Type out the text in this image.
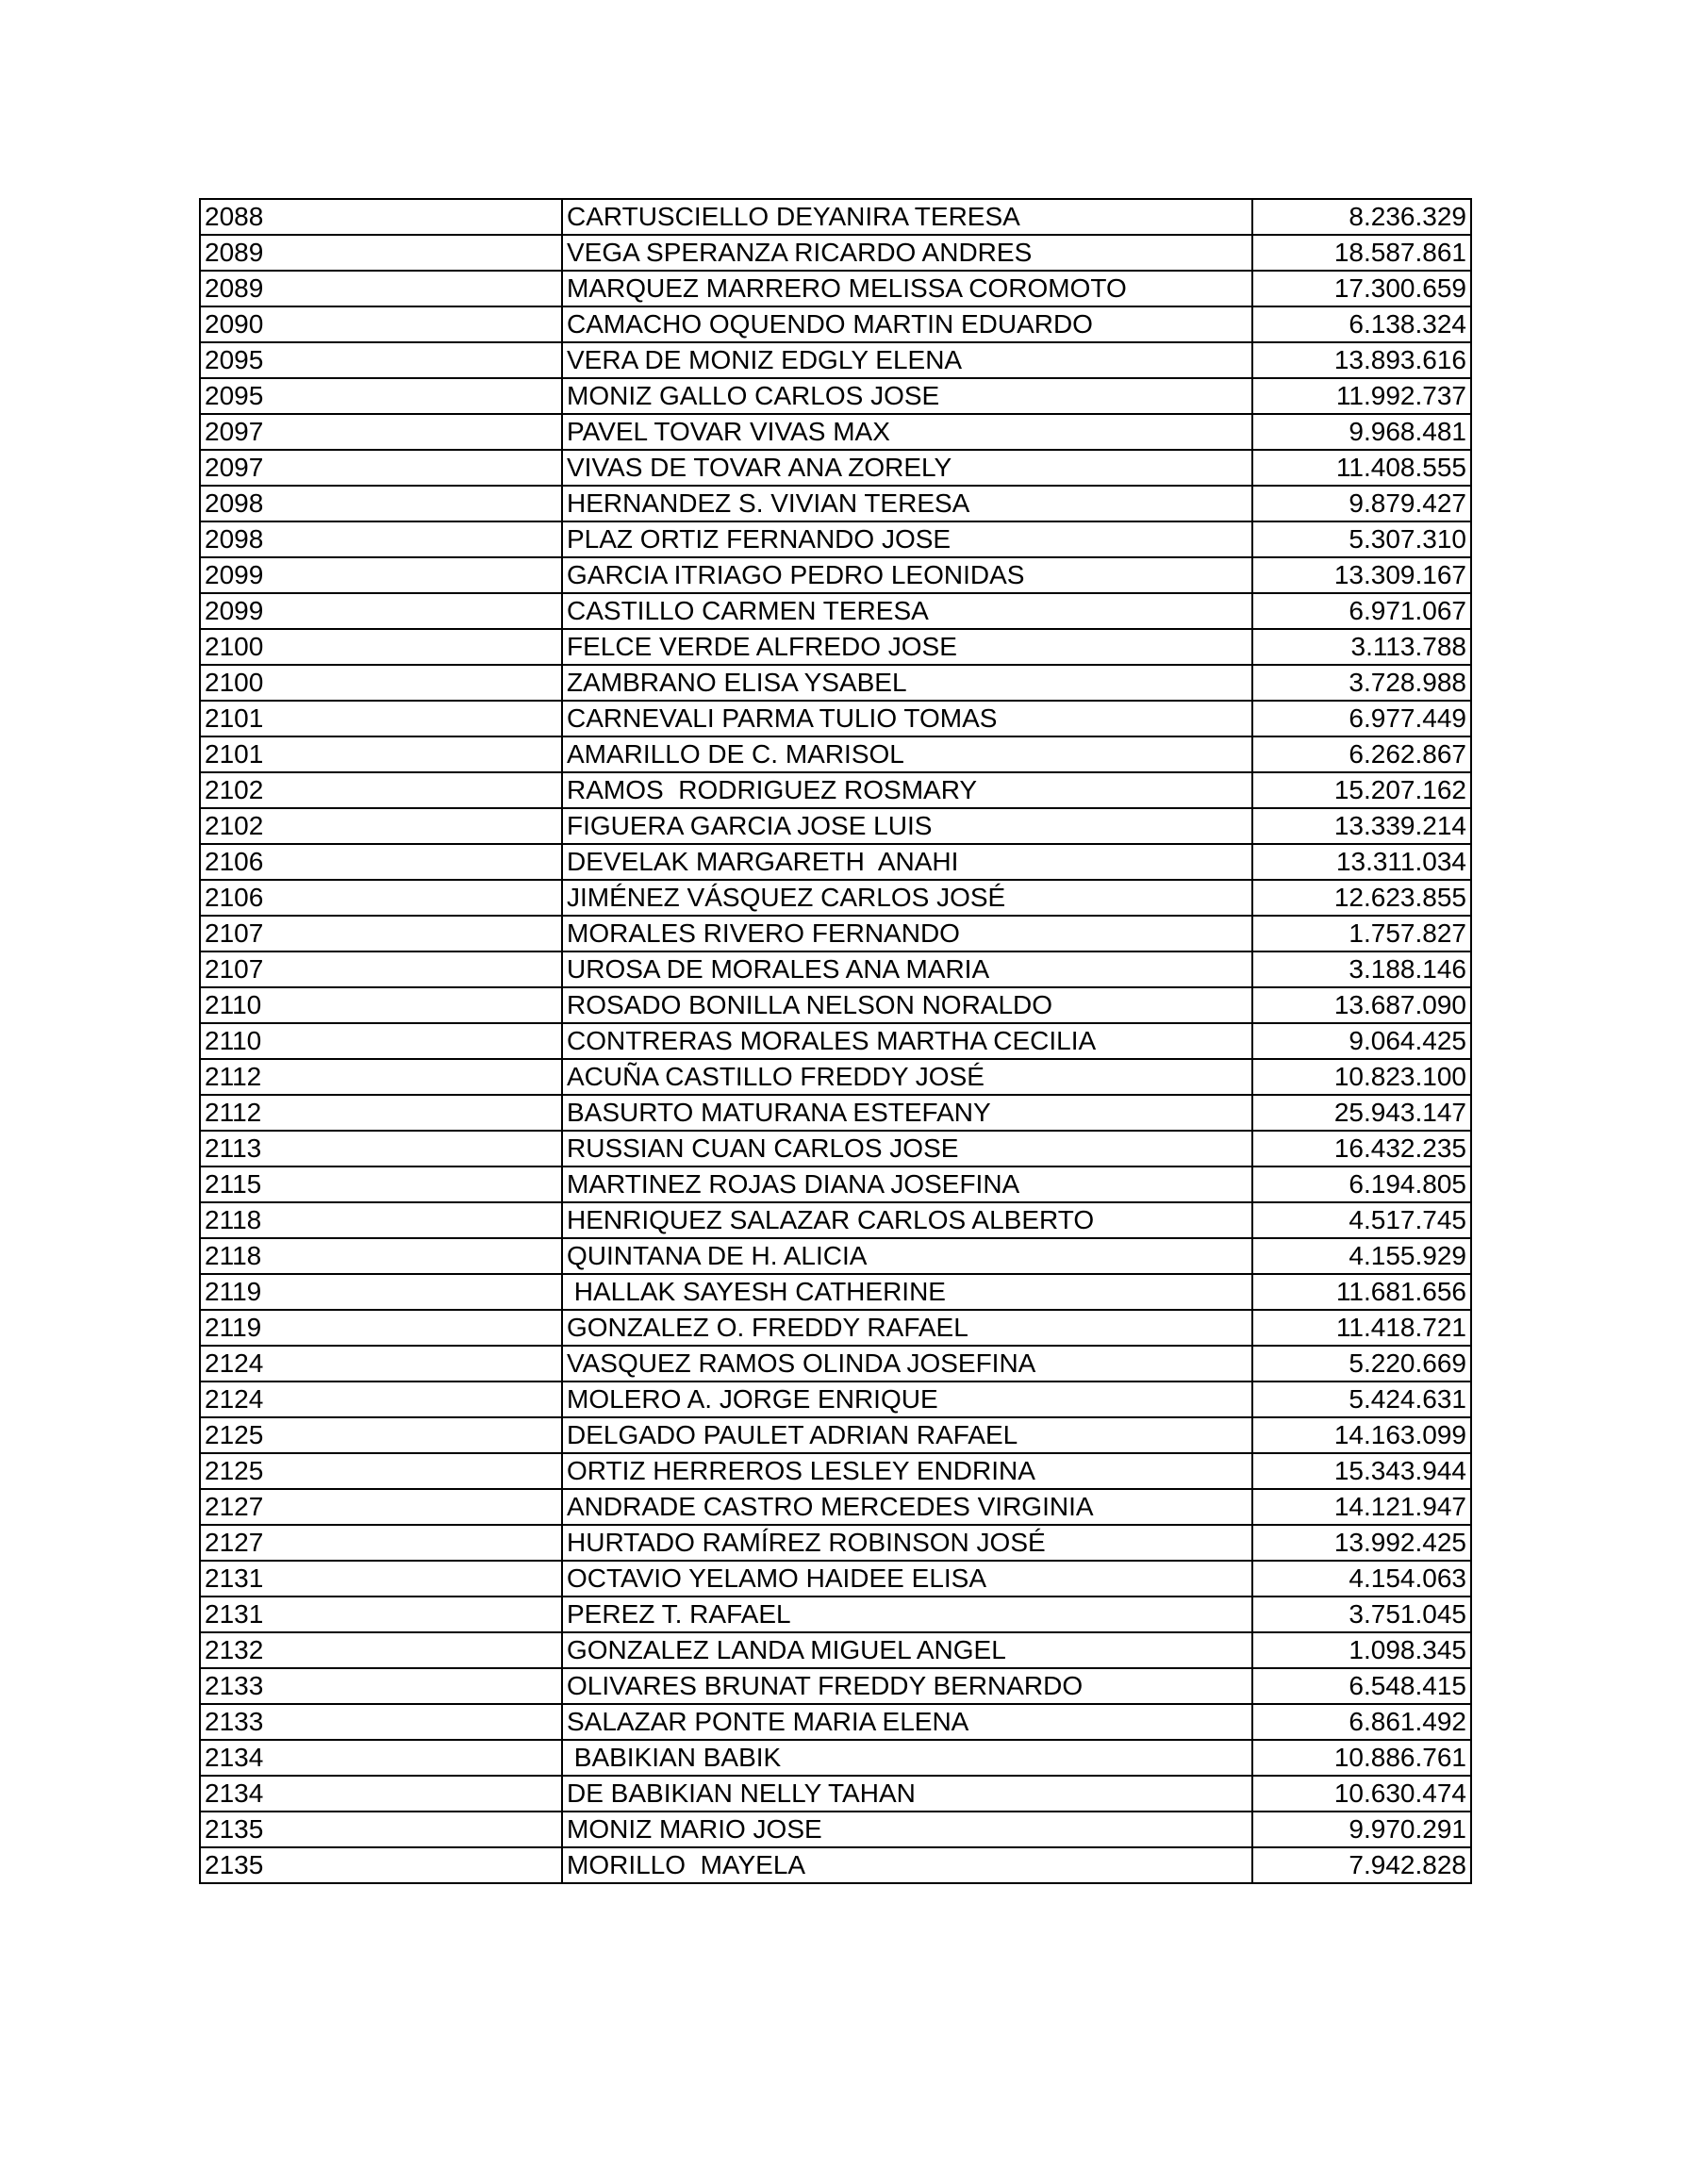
2088	CARTUSCIELLO DEYANIRA TERESA	8.236.329
2089	VEGA SPERANZA RICARDO ANDRES	18.587.861
2089	MARQUEZ MARRERO MELISSA COROMOTO	17.300.659
2090	CAMACHO OQUENDO MARTIN EDUARDO	6.138.324
2095	VERA DE MONIZ EDGLY ELENA	13.893.616
2095	MONIZ GALLO CARLOS JOSE	11.992.737
2097	PAVEL TOVAR VIVAS MAX	9.968.481
2097	VIVAS DE TOVAR ANA ZORELY	11.408.555
2098	HERNANDEZ S. VIVIAN TERESA	9.879.427
2098	PLAZ ORTIZ FERNANDO JOSE	5.307.310
2099	GARCIA ITRIAGO PEDRO LEONIDAS	13.309.167
2099	CASTILLO CARMEN TERESA	6.971.067
2100	FELCE VERDE ALFREDO JOSE	3.113.788
2100	ZAMBRANO ELISA YSABEL	3.728.988
2101	CARNEVALI PARMA TULIO TOMAS	6.977.449
2101	AMARILLO DE C. MARISOL	6.262.867
2102	RAMOS  RODRIGUEZ ROSMARY	15.207.162
2102	FIGUERA GARCIA JOSE LUIS	13.339.214
2106	DEVELAK MARGARETH  ANAHI	13.311.034
2106	JIMÉNEZ VÁSQUEZ CARLOS JOSÉ	12.623.855
2107	MORALES RIVERO FERNANDO	1.757.827
2107	UROSA DE MORALES ANA MARIA	3.188.146
2110	ROSADO BONILLA NELSON NORALDO	13.687.090
2110	CONTRERAS MORALES MARTHA CECILIA	9.064.425
2112	ACUÑA CASTILLO FREDDY JOSÉ	10.823.100
2112	BASURTO MATURANA ESTEFANY	25.943.147
2113	RUSSIAN CUAN CARLOS JOSE	16.432.235
2115	MARTINEZ ROJAS DIANA JOSEFINA	6.194.805
2118	HENRIQUEZ SALAZAR CARLOS ALBERTO	4.517.745
2118	QUINTANA DE H. ALICIA	4.155.929
2119	HALLAK SAYESH CATHERINE	11.681.656
2119	GONZALEZ O. FREDDY RAFAEL	11.418.721
2124	VASQUEZ RAMOS OLINDA JOSEFINA	5.220.669
2124	MOLERO A. JORGE ENRIQUE	5.424.631
2125	DELGADO PAULET ADRIAN RAFAEL	14.163.099
2125	ORTIZ HERREROS LESLEY ENDRINA	15.343.944
2127	ANDRADE CASTRO MERCEDES VIRGINIA	14.121.947
2127	HURTADO RAMÍREZ ROBINSON JOSÉ	13.992.425
2131	OCTAVIO YELAMO HAIDEE ELISA	4.154.063
2131	PEREZ T. RAFAEL	3.751.045
2132	GONZALEZ LANDA MIGUEL ANGEL	1.098.345
2133	OLIVARES BRUNAT FREDDY BERNARDO	6.548.415
2133	SALAZAR PONTE MARIA ELENA	6.861.492
2134	BABIKIAN BABIK	10.886.761
2134	DE BABIKIAN NELLY TAHAN	10.630.474
2135	MONIZ MARIO JOSE	9.970.291
2135	MORILLO  MAYELA	7.942.828
